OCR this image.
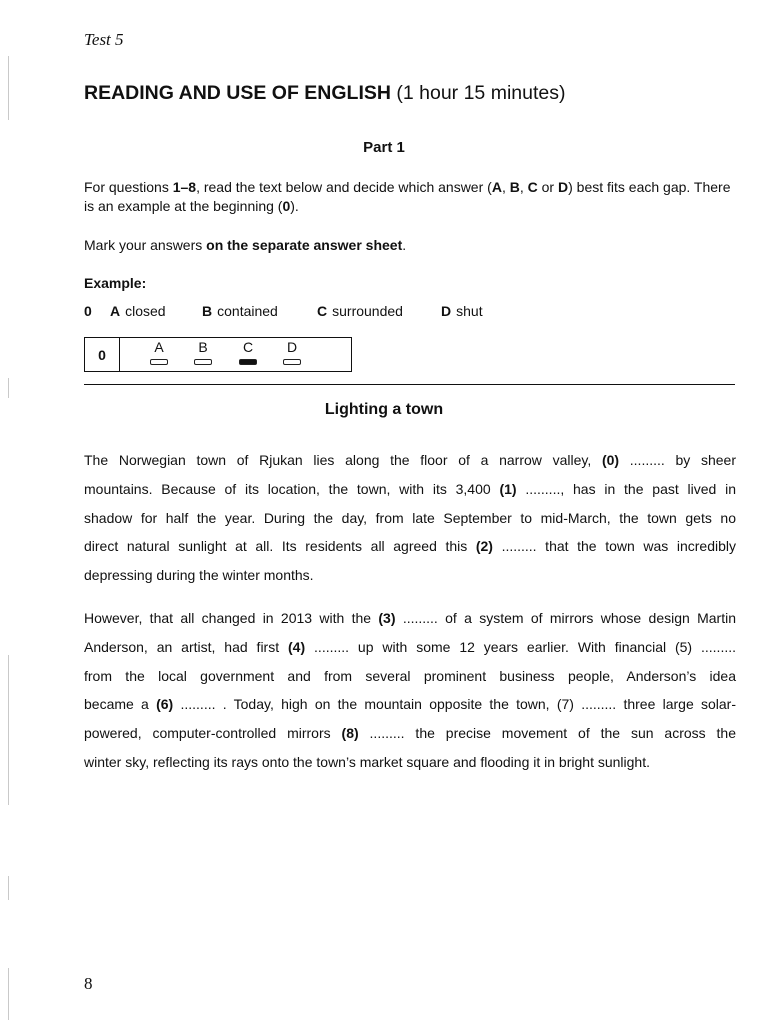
Test 5
READING AND USE OF ENGLISH (1 hour 15 minutes)
Part 1
For questions 1–8, read the text below and decide which answer (A, B, C or D) best fits each gap. There is an example at the beginning (0).
Mark your answers on the separate answer sheet.
Example:
0	A closed	B contained	C surrounded	D shut
0	A	B	C	D
Lighting a town
The Norwegian town of Rjukan lies along the floor of a narrow valley, (0) ......... by sheer
mountains. Because of its location, the town, with its 3,400 (1) ........., has in the past lived in
shadow for half the year. During the day, from late September to mid-March, the town gets no
direct natural sunlight at all. Its residents all agreed this (2) ......... that the town was incredibly
depressing during the winter months.
However, that all changed in 2013 with the (3) ......... of a system of mirrors whose design Martin
Anderson, an artist, had first (4) ......... up with some 12 years earlier. With financial (5) .........
from the local government and from several prominent business people, Anderson’s idea
became a (6) ......... . Today, high on the mountain opposite the town, (7) ......... three large solar-
powered, computer-controlled mirrors (8) ......... the precise movement of the sun across the
winter sky, reflecting its rays onto the town’s market square and flooding it in bright sunlight.
8
